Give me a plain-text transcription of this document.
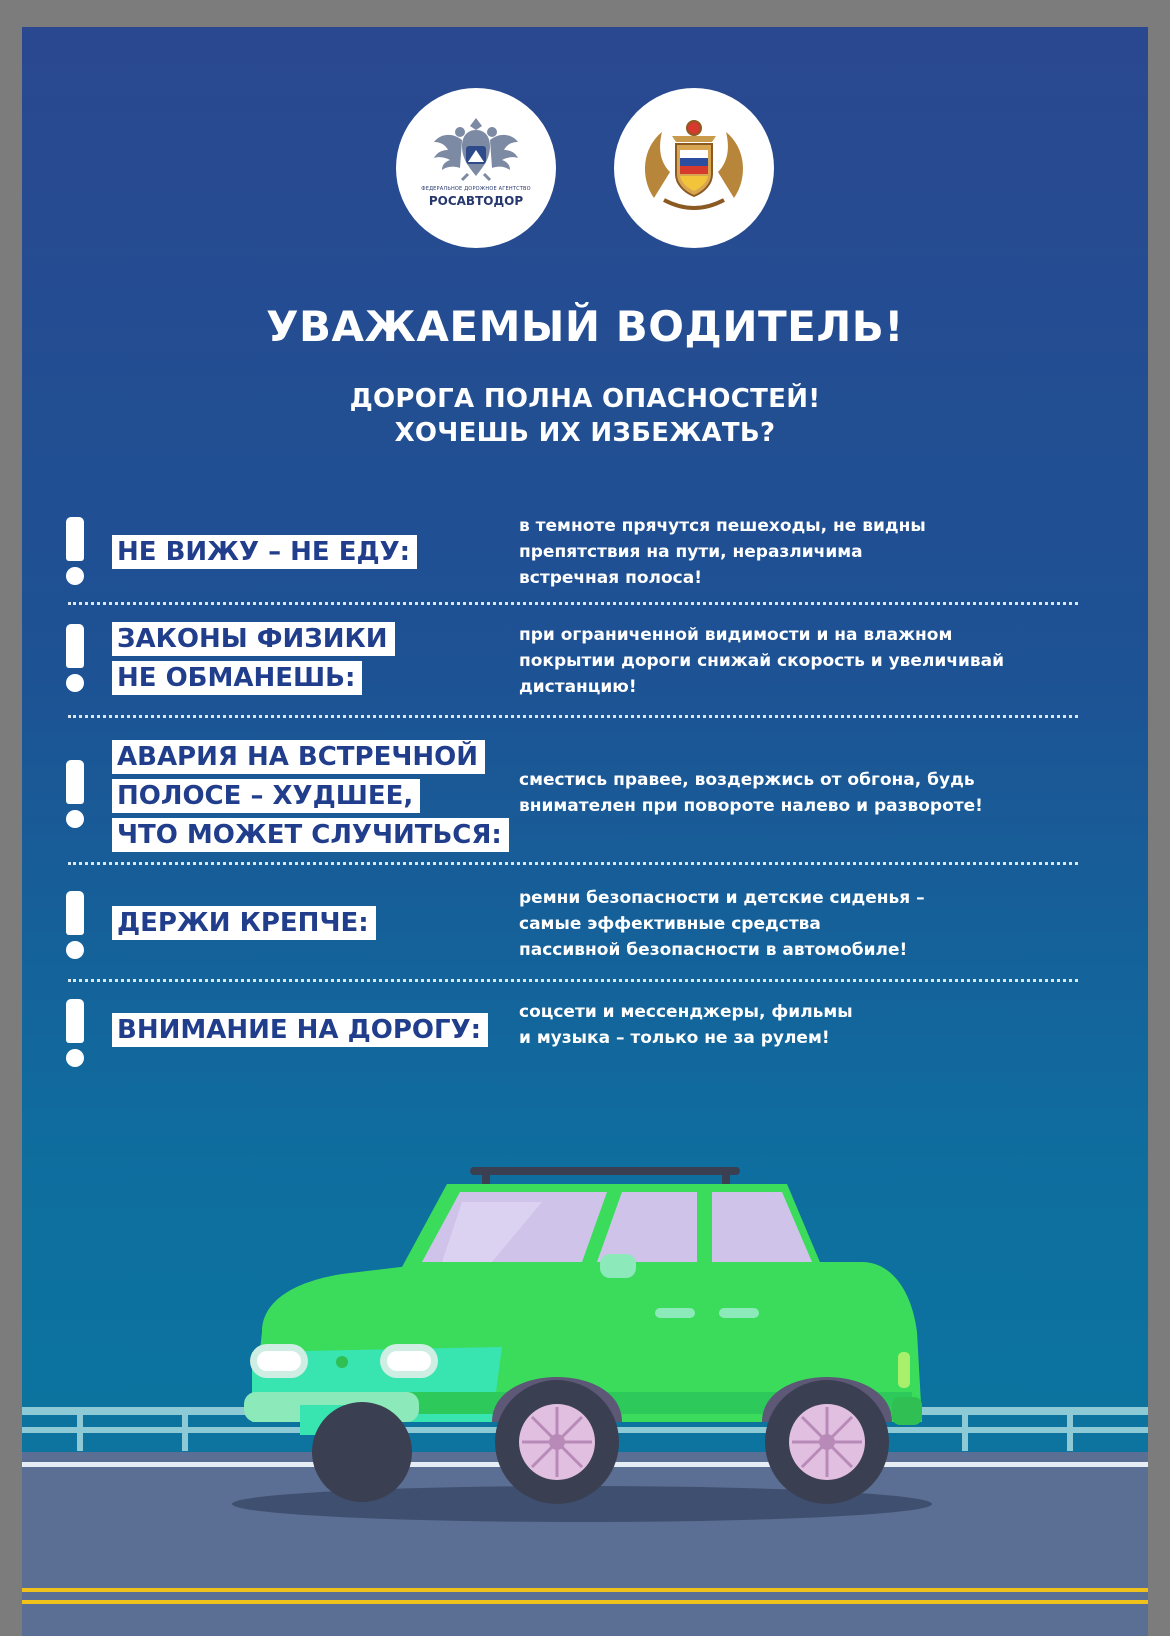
ФЕДЕРАЛЬНОЕ ДОРОЖНОЕ АГЕНТСТВО
РОСАВТОДОР
УВАЖАЕМЫЙ ВОДИТЕЛЬ!
ДОРОГА ПОЛНА ОПАСНОСТЕЙ!
ХОЧЕШЬ ИХ ИЗБЕЖАТЬ?
НЕ ВИЖУ – НЕ ЕДУ:
в темноте прячутся пешеходы, не видны
препятствия на пути, неразличима
встречная полоса!
ЗАКОНЫ ФИЗИКИ
НЕ ОБМАНЕШЬ:
при ограниченной видимости и на влажном
покрытии дороги снижай скорость и увеличивай
дистанцию!
АВАРИЯ НА ВСТРЕЧНОЙ
ПОЛОСЕ – ХУДШЕЕ,
ЧТО МОЖЕТ СЛУЧИТЬСЯ:
сместись правее, воздержись от обгона, будь
внимателен при повороте налево и развороте!
ДЕРЖИ КРЕПЧЕ:
ремни безопасности и детские сиденья –
самые эффективные средства
пассивной безопасности в автомобиле!
ВНИМАНИЕ НА ДОРОГУ:
соцсети и мессенджеры, фильмы
и музыка – только не за рулем!
